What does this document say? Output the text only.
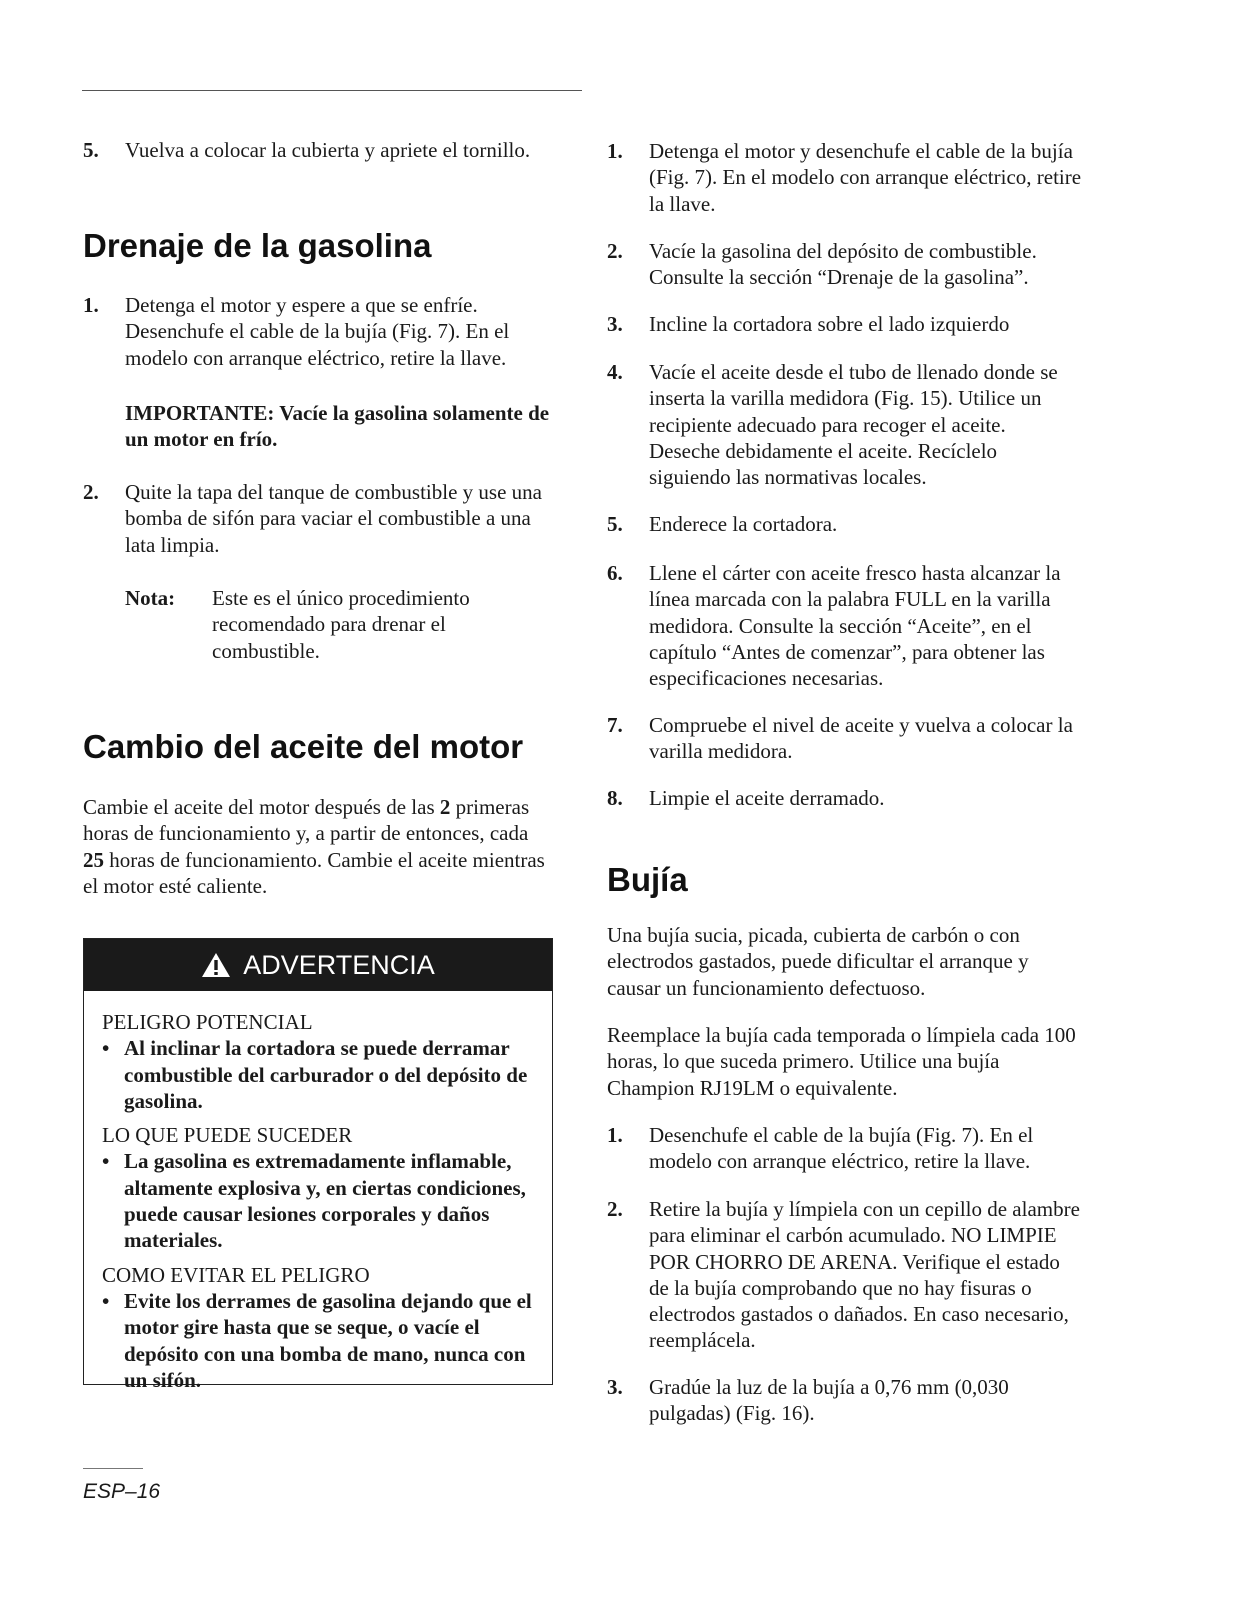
5. Vuelva a colocar la cubierta y apriete el tornillo.
Drenaje de la gasolina
1. Detenga el motor y espere a que se enfríe. Desenchufe el cable de la bujía (Fig. 7). En el modelo con arranque eléctrico, retire la llave.

IMPORTANTE: Vacíe la gasolina solamente de un motor en frío.

2. Quite la tapa del tanque de combustible y use una bomba de sifón para vaciar el combustible a una lata limpia.
Nota: Este es el único procedimiento recomendado para drenar el combustible.
Cambio del aceite del motor

Cambie el aceite del motor después de las 2 primeras horas de funcionamiento y, a partir de entonces, cada 25 horas de funcionamiento. Cambie el aceite mientras el motor esté caliente.

ADVERTENCIA

PELIGRO POTENCIAL

• Al inclinar la cortadora se puede derramar combustible del carburador o del depósito de gasolina.

LO QUE PUEDE SUCEDER

• La gasolina es extremadamente inflamable, altamente explosiva y, en ciertas condiciones, puede causar lesiones corporales y daños materiales.

COMO EVITAR EL PELIGRO

• Evite los derrames de gasolina dejando que el motor gire hasta que se seque, o vacíe el depósito con una bomba de mano, nunca con un sifón.

1. Detenga el motor y desenchufe el cable de la bujía (Fig. 7). En el modelo con arranque eléctrico, retire la llave.
2. Vacíe la gasolina del depósito de combustible. Consulte la sección “Drenaje de la gasolina”.
3. Incline la cortadora sobre el lado izquierdo
4. Vacíe el aceite desde el tubo de llenado donde se inserta la varilla medidora (Fig. 15). Utilice un recipiente adecuado para recoger el aceite. Deseche debidamente el aceite. Recíclelo siguiendo las normativas locales.
5. Enderece la cortadora.
6. Llene el cárter con aceite fresco hasta alcanzar la línea marcada con la palabra FULL en la varilla medidora. Consulte la sección “Aceite”, en el capítulo “Antes de comenzar”, para obtener las especificaciones necesarias.
7. Compruebe el nivel de aceite y vuelva a colocar la varilla medidora.
8. Limpie el aceite derramado.
Bujía

Una bujía sucia, picada, cubierta de carbón o con electrodos gastados, puede dificultar el arranque y causar un funcionamiento defectuoso.

Reemplace la bujía cada temporada o límpiela cada 100 horas, lo que suceda primero. Utilice una bujía Champion RJ19LM o equivalente.

1. Desenchufe el cable de la bujía (Fig. 7). En el modelo con arranque eléctrico, retire la llave.
2. Retire la bujía y límpiela con un cepillo de alambre para eliminar el carbón acumulado. NO LIMPIE POR CHORRO DE ARENA. Verifique el estado de la bujía comprobando que no hay fisuras o electrodos gastados o dañados. En caso necesario, reemplácela.
3. Gradúe la luz de la bujía a 0,76 mm (0,030 pulgadas) (Fig. 16).
ESP–16
